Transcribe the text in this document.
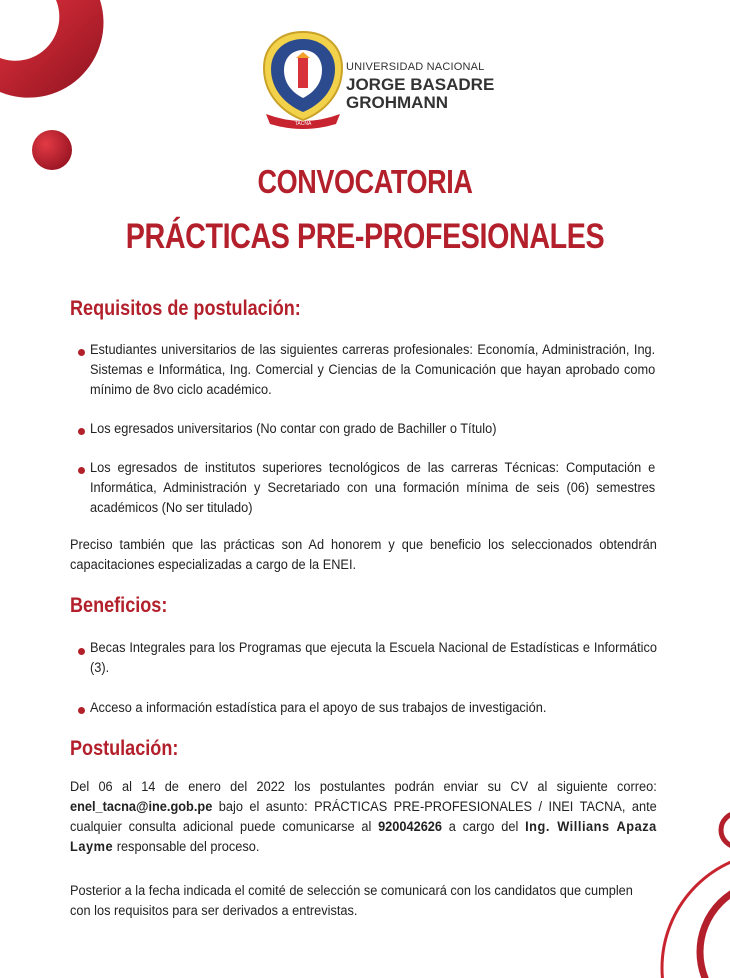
TACNA
UNIVERSIDAD NACIONAL
JORGE BASADRE
GROHMANN
CONVOCATORIA
PRÁCTICAS PRE-PROFESIONALES
Requisitos de postulación:
Estudiantes universitarios de las siguientes carreras profesionales: Economía, Administración, Ing. Sistemas e Informática, Ing. Comercial y Ciencias de la Comunicación que hayan aprobado como mínimo de 8vo ciclo académico.
Los egresados universitarios (No contar con grado de Bachiller o Título)
Los egresados de institutos superiores tecnológicos de las carreras Técnicas: Computación e Informática, Administración y Secretariado con una formación mínima de seis (06) semestres académicos (No ser titulado)
Preciso también que las prácticas son Ad honorem y que beneficio los seleccionados obtendrán capacitaciones especializadas a cargo de la ENEI.
Beneficios:
Becas Integrales para los Programas que ejecuta la Escuela Nacional de Estadísticas e Informático (3).
Acceso a información estadística para el apoyo de sus trabajos de investigación.
Postulación:
Del 06 al 14 de enero del 2022 los postulantes podrán enviar su CV al siguiente correo: enel_tacna@ine.gob.pe bajo el asunto: PRÁCTICAS PRE-PROFESIONALES / INEI TACNA, ante cualquier consulta adicional puede comunicarse al 920042626 a cargo del Ing. Willians Apaza Layme responsable del proceso.
Posterior a la fecha indicada el comité de selección se comunicará con los candidatos que cumplen con los requisitos para ser derivados a entrevistas.
